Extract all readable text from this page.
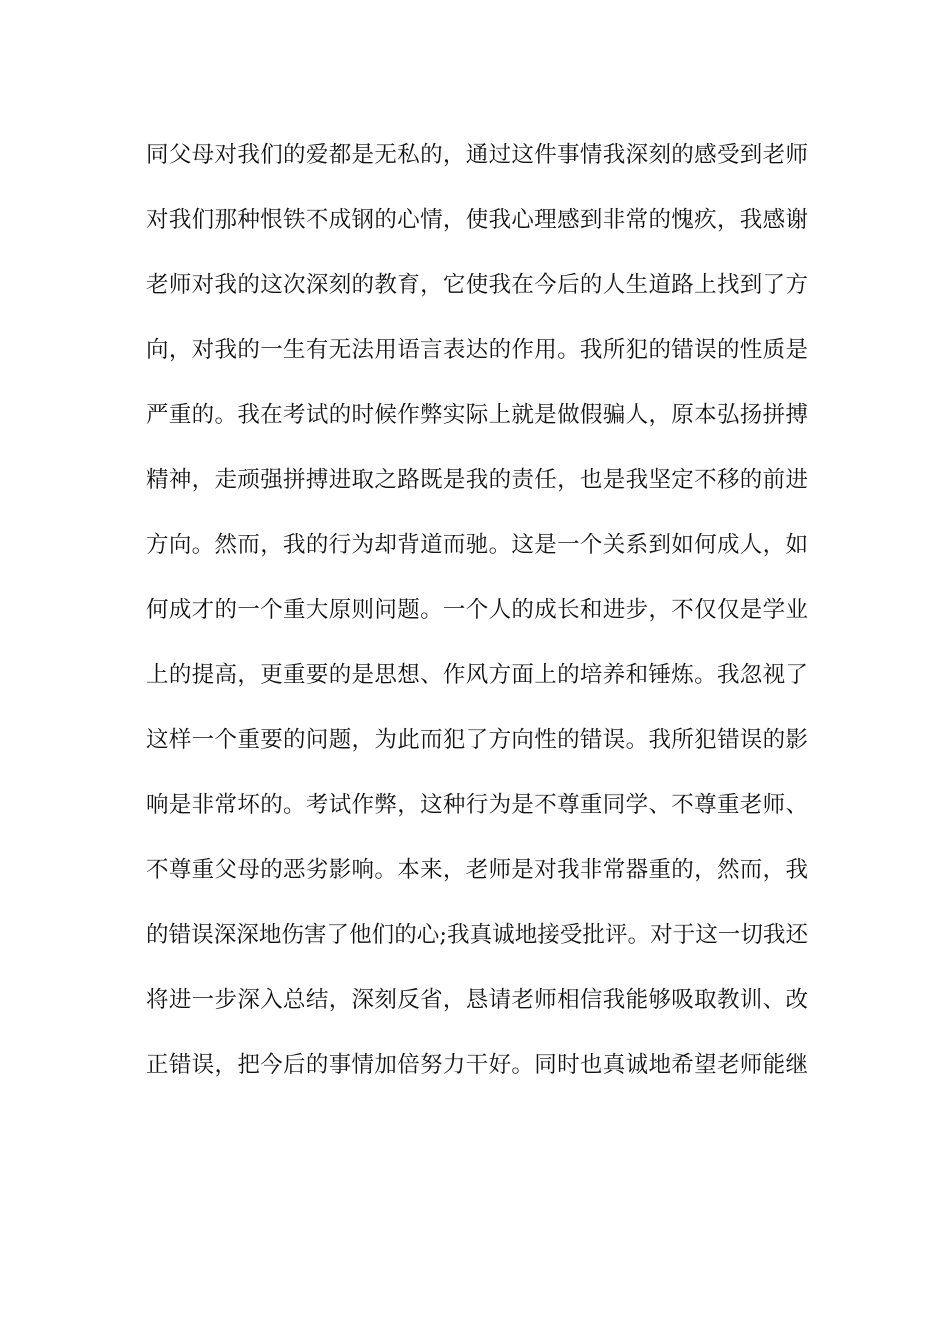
同父母对我们的爱都是无私的，通过这件事情我深刻的感受到老师
对我们那种恨铁不成钢的心情，使我心理感到非常的愧疚，我感谢
老师对我的这次深刻的教育，它使我在今后的人生道路上找到了方
向，对我的一生有无法用语言表达的作用。我所犯的错误的性质是
严重的。我在考试的时候作弊实际上就是做假骗人，原本弘扬拼搏
精神，走顽强拼搏进取之路既是我的责任，也是我坚定不移的前进
方向。然而，我的行为却背道而驰。这是一个关系到如何成人，如
何成才的一个重大原则问题。一个人的成长和进步，不仅仅是学业
上的提高，更重要的是思想、作风方面上的培养和锤炼。我忽视了
这样一个重要的问题，为此而犯了方向性的错误。我所犯错误的影
响是非常坏的。考试作弊，这种行为是不尊重同学、不尊重老师、
不尊重父母的恶劣影响。本来，老师是对我非常器重的，然而，我
的错误深深地伤害了他们的心;我真诚地接受批评。对于这一切我还
将进一步深入总结，深刻反省，恳请老师相信我能够吸取教训、改
正错误，把今后的事情加倍努力干好。同时也真诚地希望老师能继
